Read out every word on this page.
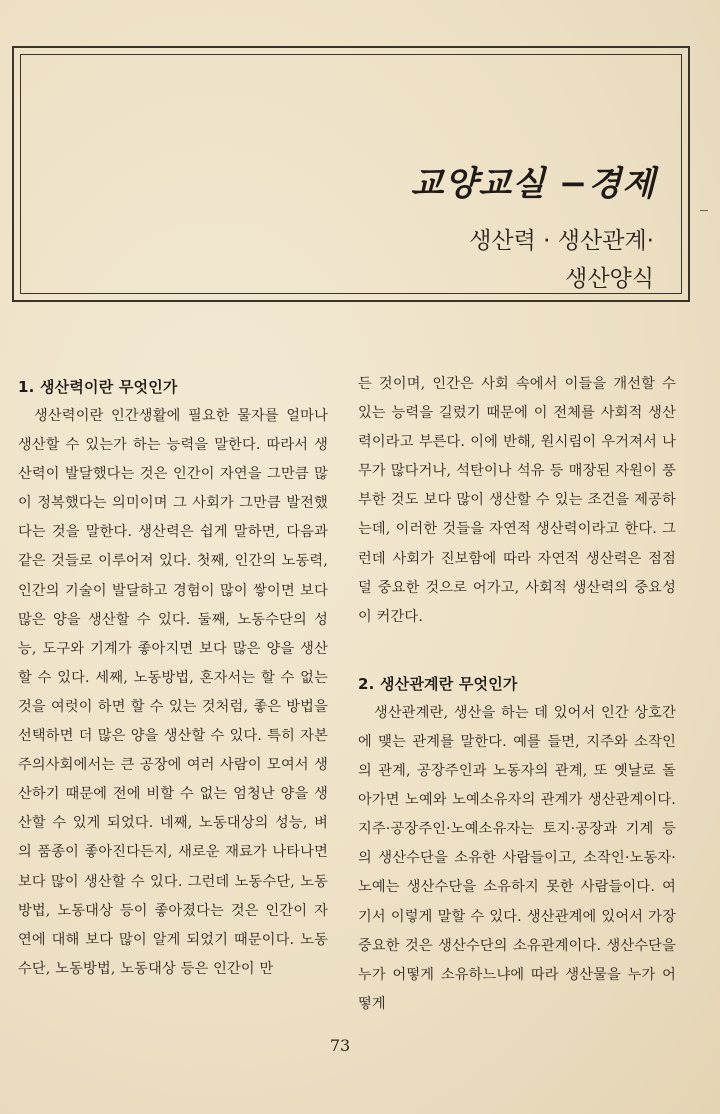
교양교실 −경제
생산력 · 생산관계·
생산양식
1. 생산력이란 무엇인가
생산력이란 인간생활에 필요한 물자를 얼마나 생산할 수 있는가 하는 능력을 말한다. 따라서 생산력이 발달했다는 것은 인간이 자연을 그만큼 많이 정복했다는 의미이며 그 사회가 그만큼 발전했다는 것을 말한다. 생산력은 쉽게 말하면, 다음과 같은 것들로 이루어져 있다. 첫째, 인간의 노동력, 인간의 기술이 발달하고 경험이 많이 쌓이면 보다 많은 양을 생산할 수 있다. 둘째, 노동수단의 성능, 도구와 기계가 좋아지면 보다 많은 양을 생산할 수 있다. 세째, 노동방법, 혼자서는 할 수 없는 것을 여럿이 하면 할 수 있는 것처럼, 좋은 방법을 선택하면 더 많은 양을 생산할 수 있다. 특히 자본주의사회에서는 큰 공장에 여러 사람이 모여서 생산하기 때문에 전에 비할 수 없는 엄청난 양을 생산할 수 있게 되었다. 네째, 노동대상의 성능, 벼의 품종이 좋아진다든지, 새로운 재료가 나타나면 보다 많이 생산할 수 있다. 그런데 노동수단, 노동방법, 노동대상 등이 좋아졌다는 것은 인간이 자연에 대해 보다 많이 알게 되었기 때문이다. 노동수단, 노동방법, 노동대상 등은 인간이 만
든 것이며, 인간은 사회 속에서 이들을 개선할 수 있는 능력을 길렀기 때문에 이 전체를 사회적 생산력이라고 부른다. 이에 반해, 원시림이 우거져서 나무가 많다거나, 석탄이나 석유 등 매장된 자원이 풍부한 것도 보다 많이 생산할 수 있는 조건을 제공하는데, 이러한 것들을 자연적 생산력이라고 한다. 그런데 사회가 진보함에 따라 자연적 생산력은 점점 덜 중요한 것으로 어가고, 사회적 생산력의 중요성이 커간다.
2. 생산관계란 무엇인가
생산관계란, 생산을 하는 데 있어서 인간 상호간에 맺는 관계를 말한다. 예를 들면, 지주와 소작인의 관계, 공장주인과 노동자의 관계, 또 옛날로 돌아가면 노예와 노예소유자의 관계가 생산관계이다. 지주·공장주인·노예소유자는 토지·공장과 기계 등의 생산수단을 소유한 사람들이고, 소작인·노동자·노예는 생산수단을 소유하지 못한 사람들이다. 여기서 이렇게 말할 수 있다. 생산관계에 있어서 가장 중요한 것은 생산수단의 소유관계이다. 생산수단을 누가 어떻게 소유하느냐에 따라 생산물을 누가 어떻게
73
